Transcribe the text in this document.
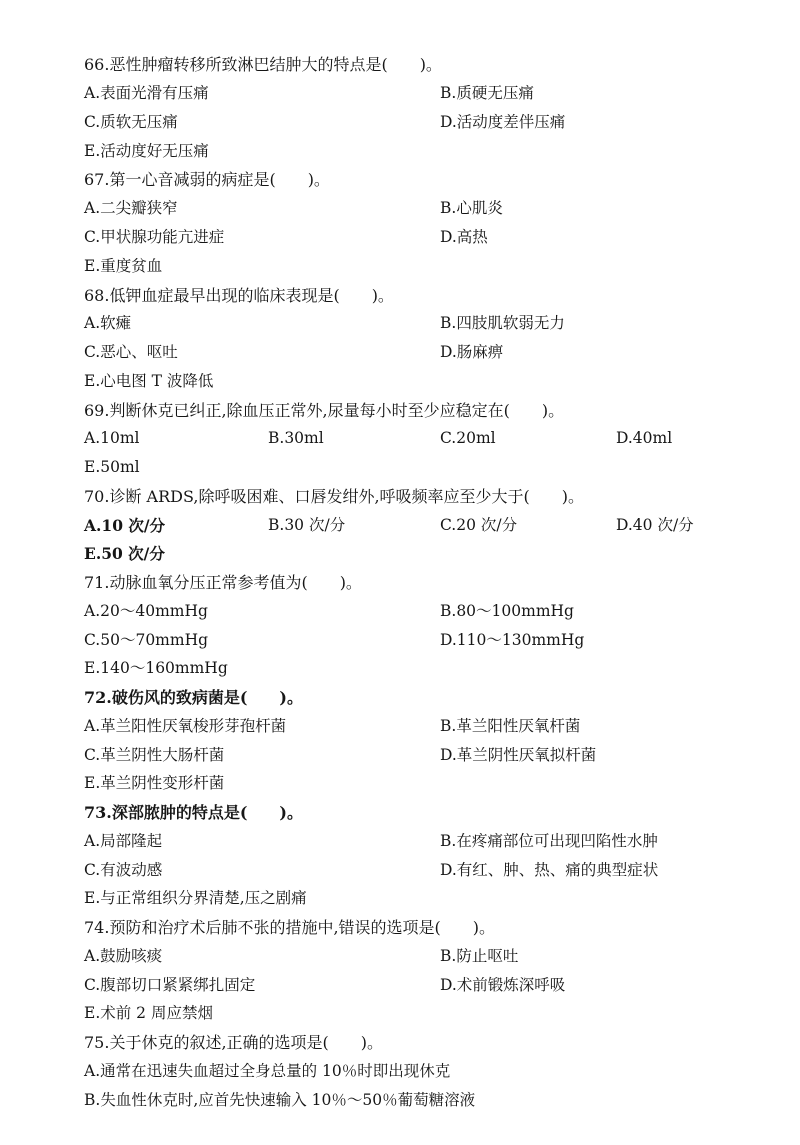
66.恶性肿瘤转移所致淋巴结肿大的特点是(　　)。
A.表面光滑有压痛	B.质硬无压痛
C.质软无压痛	D.活动度差伴压痛
E.活动度好无压痛
67.第一心音减弱的病症是(　　)。
A.二尖瓣狭窄	B.心肌炎
C.甲状腺功能亢进症	D.高热
E.重度贫血
68.低钾血症最早出现的临床表现是(　　)。
A.软瘫	B.四肢肌软弱无力
C.恶心、呕吐	D.肠麻痹
E.心电图 T 波降低
69.判断休克已纠正,除血压正常外,尿量每小时至少应稳定在(　　)。
A.10ml	B.30ml	C.20ml	D.40ml
E.50ml
70.诊断 ARDS,除呼吸困难、口唇发绀外,呼吸频率应至少大于(　　)。
A.10 次/分	B.30 次/分	C.20 次/分	D.40 次/分
E.50 次/分
71.动脉血氧分压正常参考值为(　　)。
A.20～40mmHg	B.80～100mmHg
C.50～70mmHg	D.110～130mmHg
E.140～160mmHg
72.破伤风的致病菌是(　　)。
A.革兰阳性厌氧梭形芽孢杆菌	B.革兰阳性厌氧杆菌
C.革兰阴性大肠杆菌	D.革兰阴性厌氧拟杆菌
E.革兰阴性变形杆菌
73.深部脓肿的特点是(　　)。
A.局部隆起	B.在疼痛部位可出现凹陷性水肿
C.有波动感	D.有红、肿、热、痛的典型症状
E.与正常组织分界清楚,压之剧痛
74.预防和治疗术后肺不张的措施中,错误的选项是(　　)。
A.鼓励咳痰	B.防止呕吐
C.腹部切口紧紧绑扎固定	D.术前锻炼深呼吸
E.术前 2 周应禁烟
75.关于休克的叙述,正确的选项是(　　)。
A.通常在迅速失血超过全身总量的 10％时即出现休克
B.失血性休克时,应首先快速输入 10％～50％葡萄糖溶液
